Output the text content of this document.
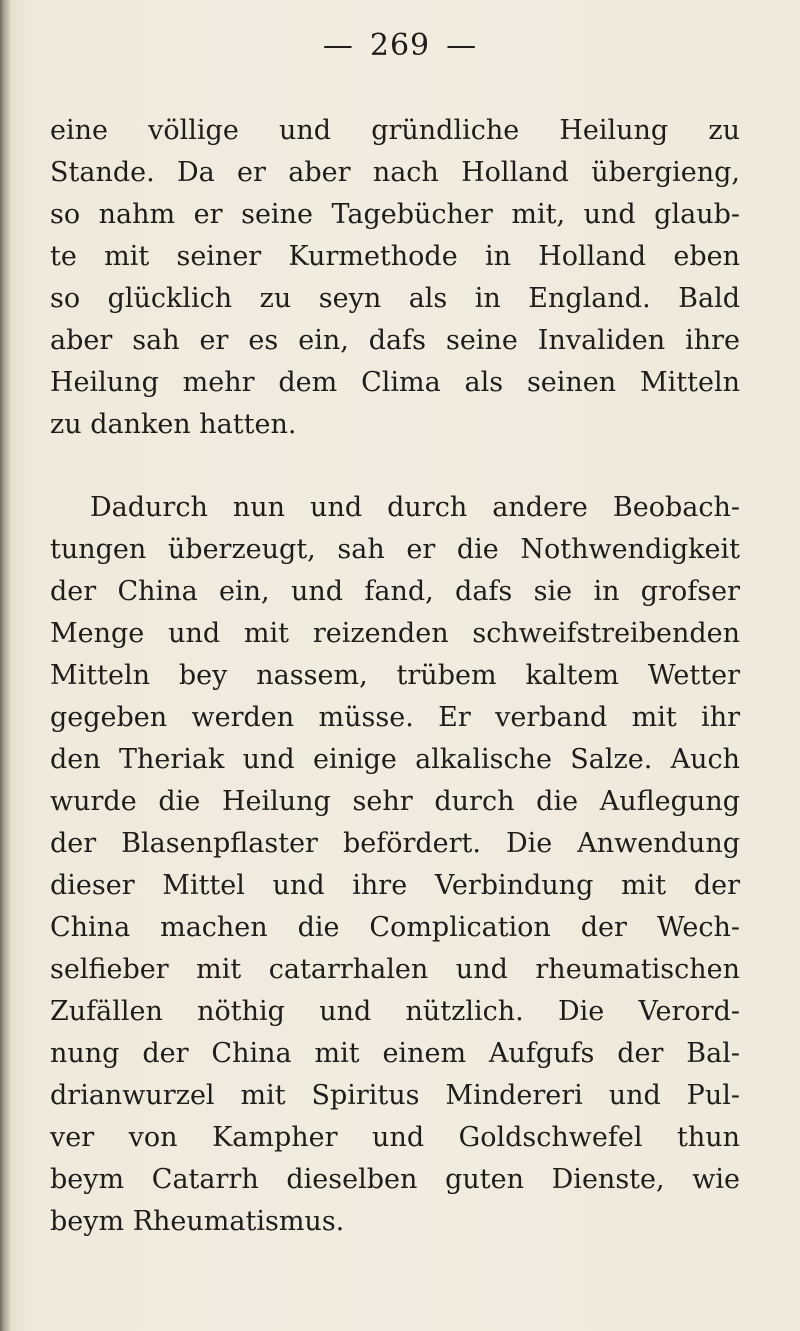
— 269 —
eine völlige und gründliche Heilung zu
Stande. Da er aber nach Holland übergieng,
so nahm er seine Tagebücher mit, und glaub-
te mit seiner Kurmethode in Holland eben
so glücklich zu seyn als in England. Bald
aber sah er es ein, dafs seine Invaliden ihre
Heilung mehr dem Clima als seinen Mitteln
zu danken hatten.
Dadurch nun und durch andere Beobach-
tungen überzeugt, sah er die Nothwendigkeit
der China ein, und fand, dafs sie in grofser
Menge und mit reizenden schweifstreibenden
Mitteln bey nassem, trübem kaltem Wetter
gegeben werden müsse. Er verband mit ihr
den Theriak und einige alkalische Salze. Auch
wurde die Heilung sehr durch die Auflegung
der Blasenpflaster befördert. Die Anwendung
dieser Mittel und ihre Verbindung mit der
China machen die Complication der Wech-
selfieber mit catarrhalen und rheumatischen
Zufällen nöthig und nützlich. Die Verord-
nung der China mit einem Aufgufs der Bal-
drianwurzel mit Spiritus Mindereri und Pul-
ver von Kampher und Goldschwefel thun
beym Catarrh dieselben guten Dienste, wie
beym Rheumatismus.
